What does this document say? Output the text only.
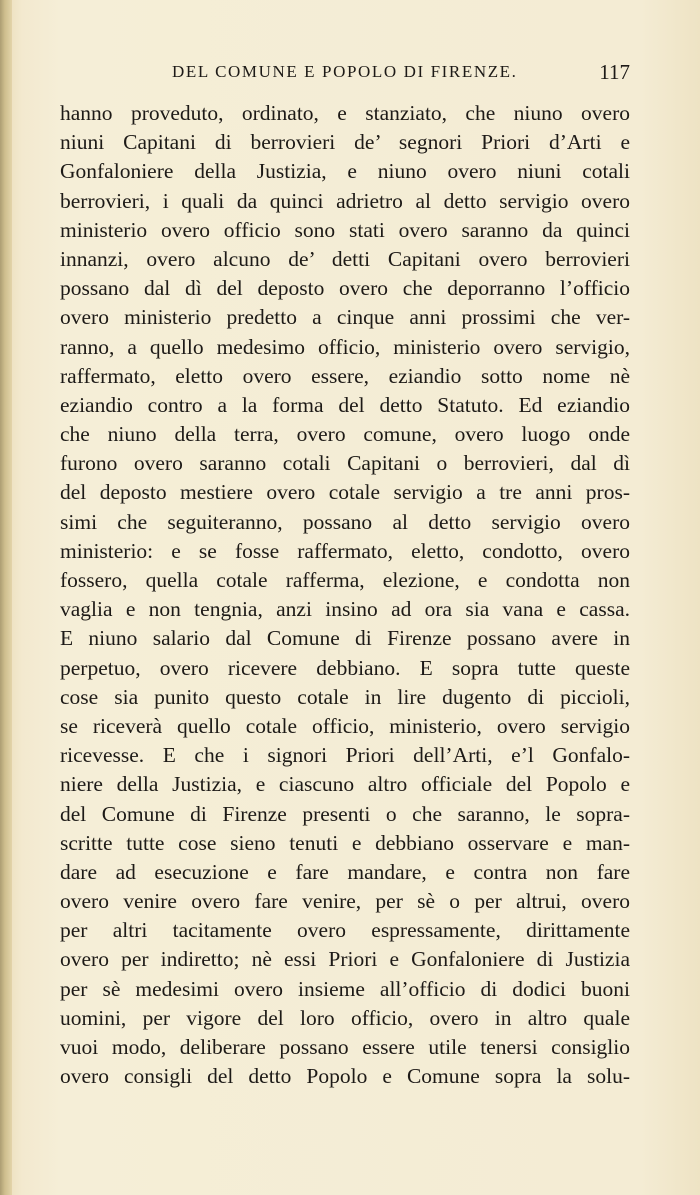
DEL COMUNE E POPOLO DI FIRENZE.	117
hanno proveduto, ordinato, e stanziato, che niuno overo
niuni Capitani di berrovieri de’ segnori Priori d’Arti e
Gonfaloniere della Justizia, e niuno overo niuni cotali
berrovieri, i quali da quinci adrietro al detto servigio overo
ministerio overo officio sono stati overo saranno da quinci
innanzi, overo alcuno de’ detti Capitani overo berrovieri
possano dal dì del deposto overo che deporranno l’officio
overo ministerio predetto a cinque anni prossimi che ver-
ranno, a quello medesimo officio, ministerio overo servigio,
raffermato, eletto overo essere, eziandio sotto nome nè
eziandio contro a la forma del detto Statuto. Ed eziandio
che niuno della terra, overo comune, overo luogo onde
furono overo saranno cotali Capitani o berrovieri, dal dì
del deposto mestiere overo cotale servigio a tre anni pros-
simi che seguiteranno, possano al detto servigio overo
ministerio: e se fosse raffermato, eletto, condotto, overo
fossero, quella cotale rafferma, elezione, e condotta non
vaglia e non tengnia, anzi insino ad ora sia vana e cassa.
E niuno salario dal Comune di Firenze possano avere in
perpetuo, overo ricevere debbiano. E sopra tutte queste
cose sia punito questo cotale in lire dugento di piccioli,
se riceverà quello cotale officio, ministerio, overo servigio
ricevesse. E che i signori Priori dell’Arti, e’l Gonfalo-
niere della Justizia, e ciascuno altro officiale del Popolo e
del Comune di Firenze presenti o che saranno, le sopra-
scritte tutte cose sieno tenuti e debbiano osservare e man-
dare ad esecuzione e fare mandare, e contra non fare
overo venire overo fare venire, per sè o per altrui, overo
per altri tacitamente overo espressamente, dirittamente
overo per indiretto; nè essi Priori e Gonfaloniere di Justizia
per sè medesimi overo insieme all’officio di dodici buoni
uomini, per vigore del loro officio, overo in altro quale
vuoi modo, deliberare possano essere utile tenersi consiglio
overo consigli del detto Popolo e Comune sopra la solu-
